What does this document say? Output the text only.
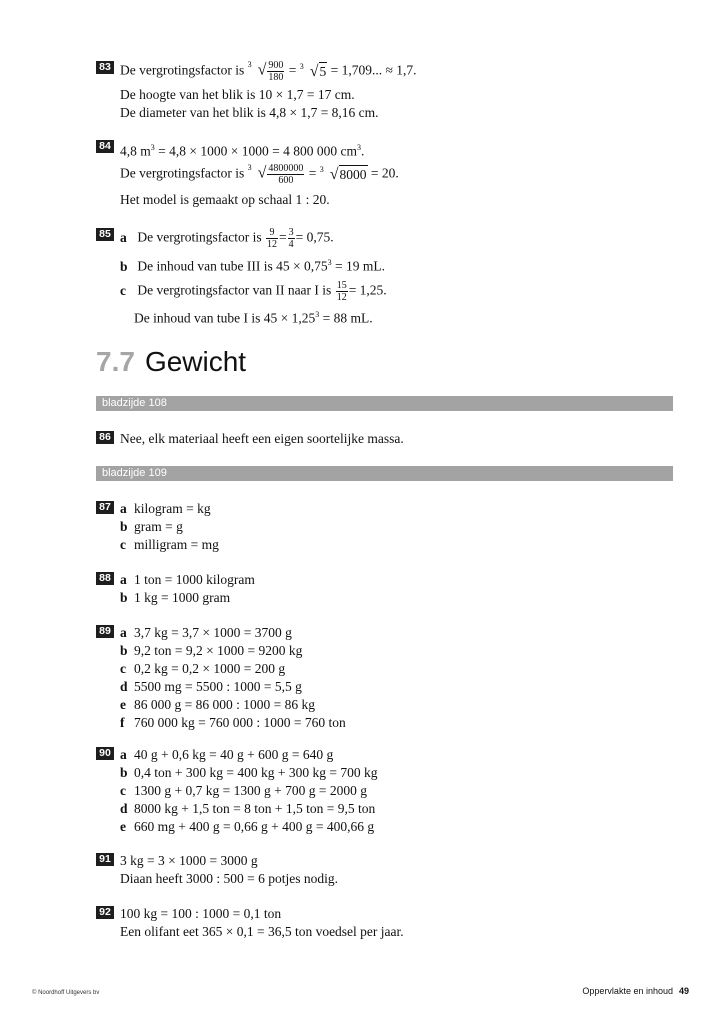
83 De vergrotingsfactor is 3 √ $\frac{900}{180} = 3$ √5 = 1,709... ≈ 1,7.
De hoogte van het blik is 10 × 1,7 = 17 cm.
De diameter van het blik is 4,8 × 1,7 = 8,16 cm.
84 4,8 $m^3 = 4,8 \times 1000 \times 1000 = 4$ 800 000 $cm^3$.
De vergrotingsfactor is 3 √ $\frac{4800000}{600} = 3$ √8000 = 20.
Het model is gemaakt op schaal 1 : 20.
85 a De vergrotingsfactor is $\frac{9}{12} = \frac{3}{4} = 0,75$.
b De inhoud van tube III is $45 \times 0,75^3 = 19$ mL.
c De vergrotingsfactor van II naar I is $\frac{15}{12} = 1,25$.
De inhoud van tube I is $45 \times 1,25^3 = 88$ mL.
7.7 Gewicht
bladzijde 108
86 Nee, elk materiaal heeft een eigen soortelijke massa.
bladzijde 109
87 a kilogram = kg
b gram = g
c milligram = mg
88 a 1 ton = 1000 kilogram
b 1 kg = 1000 gram
89 a 3,7 kg = 3,7 × 1000 = 3700 g
b 9,2 ton = 9,2 × 1000 = 9200 kg
c 0,2 kg = 0,2 × 1000 = 200 g
d 5500 mg = 5500 : 1000 = 5,5 g
e 86 000 g = 86 000 : 1000 = 86 kg
f 760 000 kg = 760 000 : 1000 = 760 ton
90 a 40 g + 0,6 kg = 40 g + 600 g = 640 g
b 0,4 ton + 300 kg = 400 kg + 300 kg = 700 kg
c 1300 g + 0,7 kg = 1300 g + 700 g = 2000 g
d 8000 kg + 1,5 ton = 8 ton + 1,5 ton = 9,5 ton
e 660 mg + 400 g = 0,66 g + 400 g = 400,66 g
91 3 kg = 3 × 1000 = 3000 g
Diaan heeft 3000 : 500 = 6 potjes nodig.
92 100 kg = 100 : 1000 = 0,1 ton
Een olifant eet 365 × 0,1 = 36,5 ton voedsel per jaar.
© Noordhoff Uitgevers bv	Oppervlakte en inhoud 49
